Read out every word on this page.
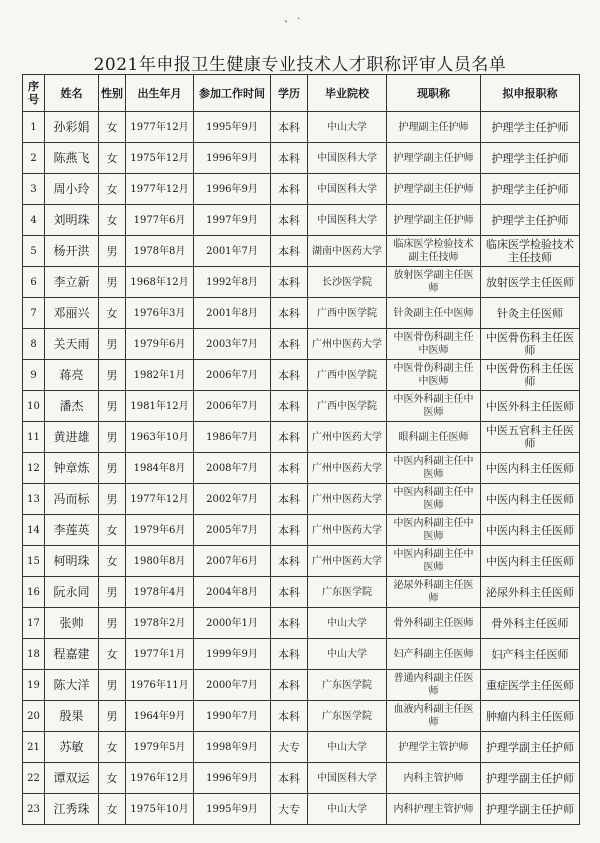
、 ·
2021年申报卫生健康专业技术人才职称评审人员名单
序号	姓名	性别	出生年月	参加工作时间	学历	毕业院校	现职称	拟申报职称
1	孙彩娟	女	1977年12月	1995年9月	本科	中山大学	护理副主任护师	护理学主任护师
2	陈燕飞	女	1975年12月	1996年9月	本科	中国医科大学	护理学副主任护师	护理学主任护师
3	周小玲	女	1977年12月	1996年9月	本科	中国医科大学	护理学副主任护师	护理学主任护师
4	刘明珠	女	1977年6月	1997年9月	本科	中国医科大学	护理学副主任护师	护理学主任护师
5	杨开洪	男	1978年8月	2001年7月	本科	湖南中医药大学	临床医学检验技术副主任技师	临床医学检验技术主任技师
6	李立新	男	1968年12月	1992年8月	本科	长沙医学院	放射医学副主任医师	放射医学主任医师
7	邓丽兴	女	1976年3月	2001年8月	本科	广西中医学院	针灸副主任中医师	针灸主任医师
8	关天雨	男	1979年6月	2003年7月	本科	广州中医药大学	中医骨伤科副主任中医师	中医骨伤科主任医师
9	蒋亮	男	1982年1月	2006年7月	本科	广西中医学院	中医骨伤科副主任中医师	中医骨伤科主任医师
10	潘杰	男	1981年12月	2006年7月	本科	广西中医学院	中医外科副主任中医师	中医外科主任医师
11	黄进雄	男	1963年10月	1986年7月	本科	广州中医药大学	眼科副主任医师	中医五官科主任医师
12	钟章炼	男	1984年8月	2008年7月	本科	广州中医药大学	中医内科副主任中医师	中医内科主任医师
13	冯而标	男	1977年12月	2002年7月	本科	广州中医药大学	中医内科副主任中医师	中医内科主任医师
14	李莲英	女	1979年6月	2005年7月	本科	广州中医药大学	中医内科副主任中医师	中医内科主任医师
15	柯明珠	女	1980年8月	2007年6月	本科	广州中医药大学	中医内科副主任中医师	中医内科主任医师
16	阮永同	男	1978年4月	2004年8月	本科	广东医学院	泌尿外科副主任医师	泌尿外科主任医师
17	张帅	男	1978年2月	2000年1月	本科	中山大学	骨外科副主任医师	骨外科主任医师
18	程嘉建	女	1977年1月	1999年9月	本科	中山大学	妇产科副主任医师	妇产科主任医师
19	陈大洋	男	1976年11月	2000年7月	本科	广东医学院	普通内科副主任医师	重症医学主任医师
20	殷果	男	1964年9月	1990年7月	本科	广东医学院	血液内科副主任医师	肿瘤内科主任医师
21	苏敏	女	1979年5月	1998年9月	大专	中山大学	护理学主管护师	护理学副主任护师
22	谭双运	女	1976年12月	1996年9月	本科	中国医科大学	内科主管护师	护理学副主任护师
23	江秀珠	女	1975年10月	1995年9月	大专	中山大学	内科护理主管护师	护理学副主任护师
